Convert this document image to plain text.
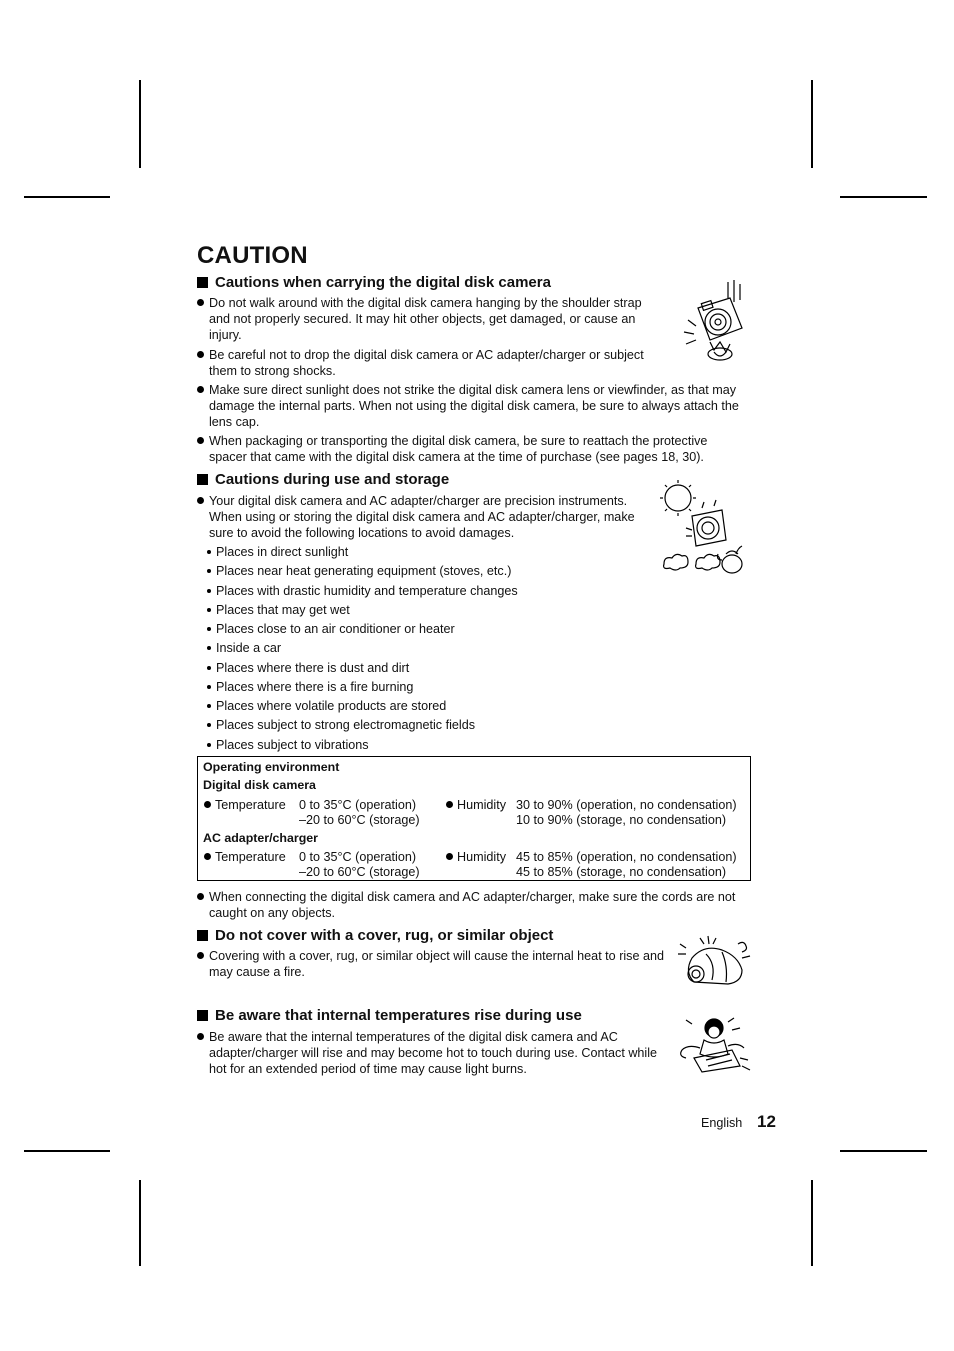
CAUTION
Cautions when carrying the digital disk camera
Do not walk around with the digital disk camera hanging by the shoulder strap and not properly secured. It may hit other objects, get damaged, or cause an injury.
Be careful not to drop the digital disk camera or AC adapter/charger or subject them to strong shocks.
Make sure direct sunlight does not strike the digital disk camera lens or viewfinder, as that may damage the internal parts. When not using the digital disk camera, be sure to always attach the lens cap.
When packaging or transporting the digital disk camera, be sure to reattach the protective spacer that came with the digital disk camera at the time of purchase (see pages 18, 30).
Cautions during use and storage
Your digital disk camera and AC adapter/charger are precision instruments. When using or storing the digital disk camera and AC adapter/charger, make sure to avoid the following locations to avoid damages.
Places in direct sunlight
Places near heat generating equipment (stoves, etc.)
Places with drastic humidity and temperature changes
Places that may get wet
Places close to an air conditioner or heater
Inside a car
Places where there is dust and dirt
Places where there is a fire burning
Places where volatile products are stored
Places subject to strong electromagnetic fields
Places subject to vibrations
Operating environment
Digital disk camera
Temperature 0 to 35°C (operation)
–20 to 60°C (storage)
Humidity 30 to 90% (operation, no condensation)
10 to 90% (storage, no condensation)
AC adapter/charger
Temperature 0 to 35°C (operation)
–20 to 60°C (storage)
Humidity 45 to 85% (operation, no condensation)
45 to 85% (storage, no condensation)
When connecting the digital disk camera and AC adapter/charger, make sure the cords are not caught on any objects.
Do not cover with a cover, rug, or similar object
Covering with a cover, rug, or similar object will cause the internal heat to rise and may cause a fire.
Be aware that internal temperatures rise during use
Be aware that the internal temperatures of the digital disk camera and AC adapter/charger will rise and may become hot to touch during use. Contact while hot for an extended period of time may cause light burns.
English 12
